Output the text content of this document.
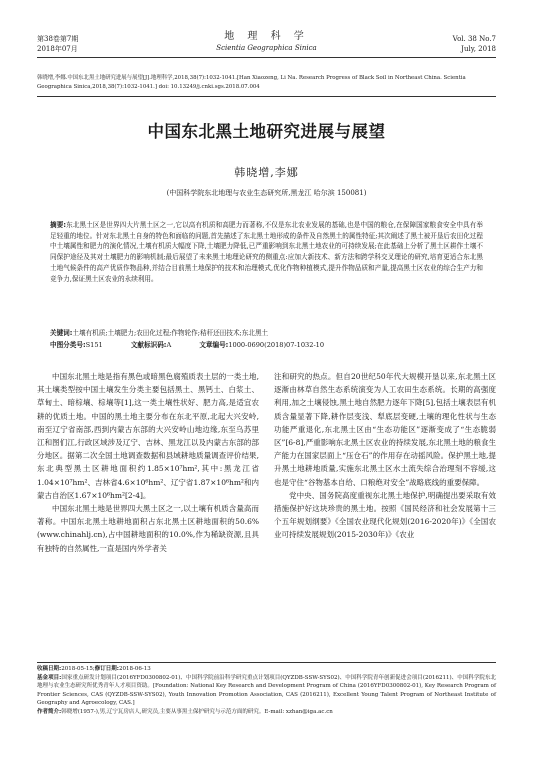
第38卷第7期
2018年07月
地 理 科 学
Scientia Geographica Sinica
Vol. 38 No.7
July, 2018
韩晓增,李娜.中国东北黑土地研究进展与展望[J].地理科学,2018,38(7):1032-1041.[Han Xiaozeng, Li Na. Research Progress of Black Soil in Northeast China. Scientia Geographica Sinica,2018,38(7):1032-1041.] doi: 10.13249/j.cnki.sgs.2018.07.004
中国东北黑土地研究进展与展望
韩晓增,李娜
(中国科学院东北地理与农业生态研究所,黑龙江 哈尔滨 150081)
摘要:东北黑土区是世界四大片黑土区之一,它以高有机质和高肥力而著称,不仅是东北农业发展的基础,也是中国的粮仓,在保障国家粮食安全中具有举足轻重的地位。针对东北黑土自身的特色和面临的问题,首先描述了东北黑土地形成的条件及自然黑土的属性特征;其次阐述了黑土被开垦后农田化过程中土壤属性和肥力的演化情况,土壤有机质大幅度下降,土壤肥力降低,已严重影响到东北黑土地农业的可持续发展;在此基础上分析了黑土区耕作土壤不同保护途径及其对土壤肥力的影响机制;最后展望了未来黑土地理论研究的侧重点:应加大新技术、新方法和跨学科交叉理论的研究,培育更适合东北黑土地气候条件的高产优质作物品种,并结合目前黑土地保护的技术和治理模式,优化作物种植模式,提升作物品质和产量,提高黑土区农业的综合生产力和竞争力,保证黑土区农业的永续利用。
关键词:土壤有机质;土壤肥力;农田化过程;作物轮作;秸秆还田技术;东北黑土
中图分类号:S151	文献标识码:A	文章编号:1000-0690(2018)07-1032-10

中国东北黑土地是指有黑色或暗黑色腐殖质表土层的一类土地,其土壤类型按中国土壤发生分类主要包括黑土、黑钙土、白浆土、草甸土、暗棕壤、棕壤等[1],这一类土壤性状好、肥力高,是适宜农耕的优质土地。中国的黑土地主要分布在东北平原,北起大兴安岭,南至辽宁省南部,西到内蒙古东部的大兴安岭山地边缘,东至乌苏里江和图们江,行政区域涉及辽宁、吉林、黑龙江以及内蒙古东部的部分地区。据第二次全国土地调查数据和县域耕地质量调查评价结果,东北典型黑土区耕地面积约1.85×10⁷hm²,其中:黑龙江省1.04×10⁷hm²、吉林省4.6×10⁶hm²、辽宁省1.87×10⁶hm²和内蒙古自治区1.67×10⁶hm²[2-4]。

中国东北黑土地是世界四大黑土区之一,以土壤有机质含量高而著称。中国东北黑土地耕地面积占东北黑土区耕地面积的50.6%(www.chinahlj.cn),占中国耕地面积的10.0%,作为稀缺资源,且具有独特的自然属性,一直是国内外学者关

注和研究的热点。但自20世纪50年代大规模开垦以来,东北黑土区逐渐由林草自然生态系统演变为人工农田生态系统。长期的高强度利用,加之土壤侵蚀,黑土地自然肥力逐年下降[5],包括土壤表层有机质含量显著下降,耕作层变浅、犁底层变硬,土壤的理化性状与生态功能严重退化,东北黑土区由“生态功能区”逐渐变成了“生态脆弱区”[6-8],严重影响东北黑土区农业的持续发展,东北黑土地的粮食生产能力在国家层面上“压仓石”的作用存在动摇风险。保护黑土地,提升黑土地耕地质量,实施东北黑土区水土流失综合治理刻不容缓,这也是守住“谷物基本自给、口粮绝对安全”战略底线的重要保障。

党中央、国务院高度重视东北黑土地保护,明确提出要采取有效措施保护好这块珍贵的黑土地。按照《国民经济和社会发展第十三个五年规划纲要》《全国农业现代化规划(2016-2020年)》《全国农业可持续发展规划(2015-2030年)》《农业

收稿日期:2018-05-15;修订日期:2018-06-13

基金项目:国家重点研发计划项目(2016YFD0300802-01)、中国科学院前沿科学研究重点计划项目(QYZDB-SSW-SYS02)、中国科学院青年创新促进会项目(2016211)、中国科学院东北地理与农业生态研究所优秀青年人才项目资助。[Foundation: National Key Research and Development Program of China (2016YFD0300802-01), Key Research Program of Frontier Sciences, CAS (QYZDB-SSW-SYS02), Youth Innovation Promotion Association, CAS (2016211), Excellent Young Talent Program of Northeast Institute of Geography and Agroecology, CAS.]

作者简介:韩晓增(1957-),男,辽宁瓦房店人,研究员,主要从事黑土保护研究与示范方面的研究。E-mail: xzhan@iga.ac.cn
